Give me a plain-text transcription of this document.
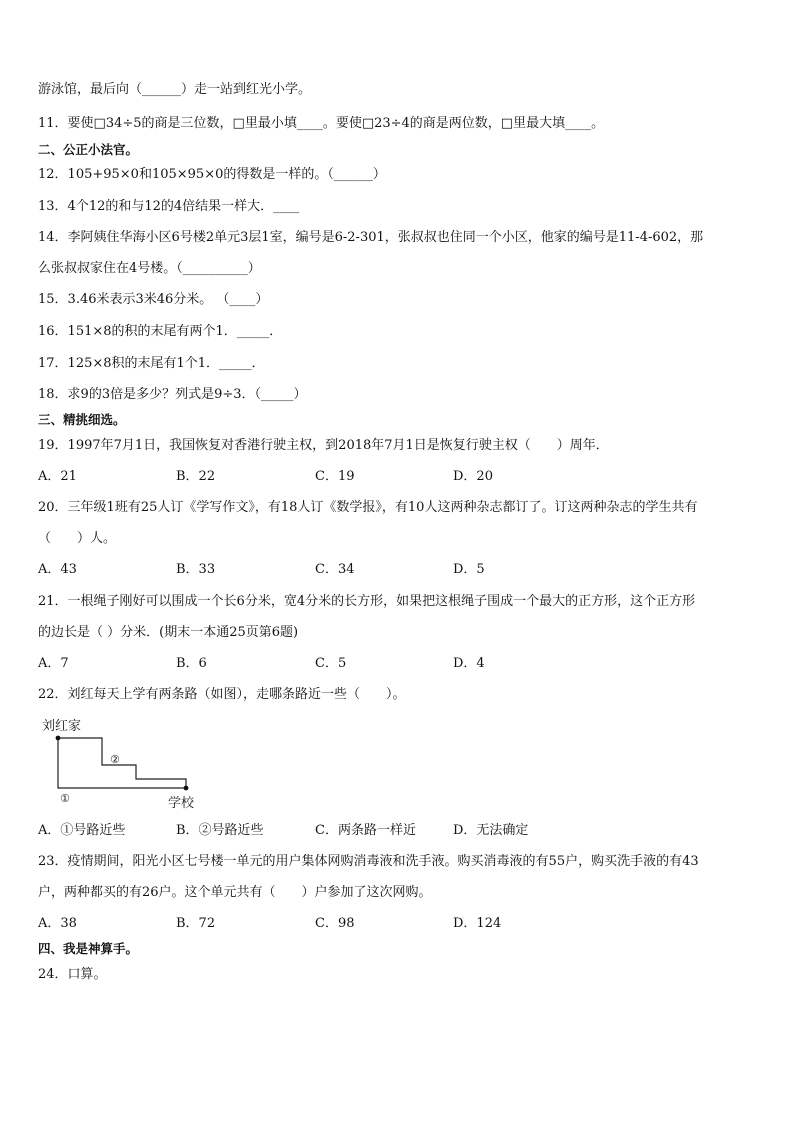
游泳馆，最后向（______）走一站到红光小学。
11．要使□34÷5的商是三位数，□里最小填____。要使□23÷4的商是两位数，□里最大填____。
二、公正小法官。
12．105+95×0和105×95×0的得数是一样的。（______）
13．4个12的和与12的4倍结果一样大．____
14．李阿姨住华海小区6号楼2单元3层1室，编号是6-2-301，张叔叔也住同一个小区，他家的编号是11-4-602，那
么张叔叔家住在4号楼。（__________）
15．3.46米表示3米46分米。 （____）
16．151×8的积的末尾有两个1．_____．
17．125×8积的末尾有1个1．_____．
18．求9的3倍是多少？列式是9÷3．（_____）
三、精挑细选。
19．1997年7月1日，我国恢复对香港行驶主权，到2018年7月1日是恢复行驶主权（　　）周年．
A．21	B．22	C．19	D．20
20．三年级1班有25人订《学写作文》，有18人订《数学报》，有10人这两种杂志都订了。订这两种杂志的学生共有
（　　）人。
A．43	B．33	C．34	D．5
21．一根绳子刚好可以围成一个长6分米，宽4分米的长方形，如果把这根绳子围成一个最大的正方形，这个正方形
的边长是（ ）分米．(期末一本通25页第6题)
A．7	B．6	C．5	D．4
22．刘红每天上学有两条路（如图），走哪条路近一些（　　）。
刘红家
②
①	学校
A．①号路近些	B．②号路近些	C．两条路一样近	D．无法确定
23．疫情期间，阳光小区七号楼一单元的用户集体网购消毒液和洗手液。购买消毒液的有55户，购买洗手液的有43
户，两种都买的有26户。这个单元共有（　　）户参加了这次网购。
A．38	B．72	C．98	D．124
四、我是神算手。
24．口算。
